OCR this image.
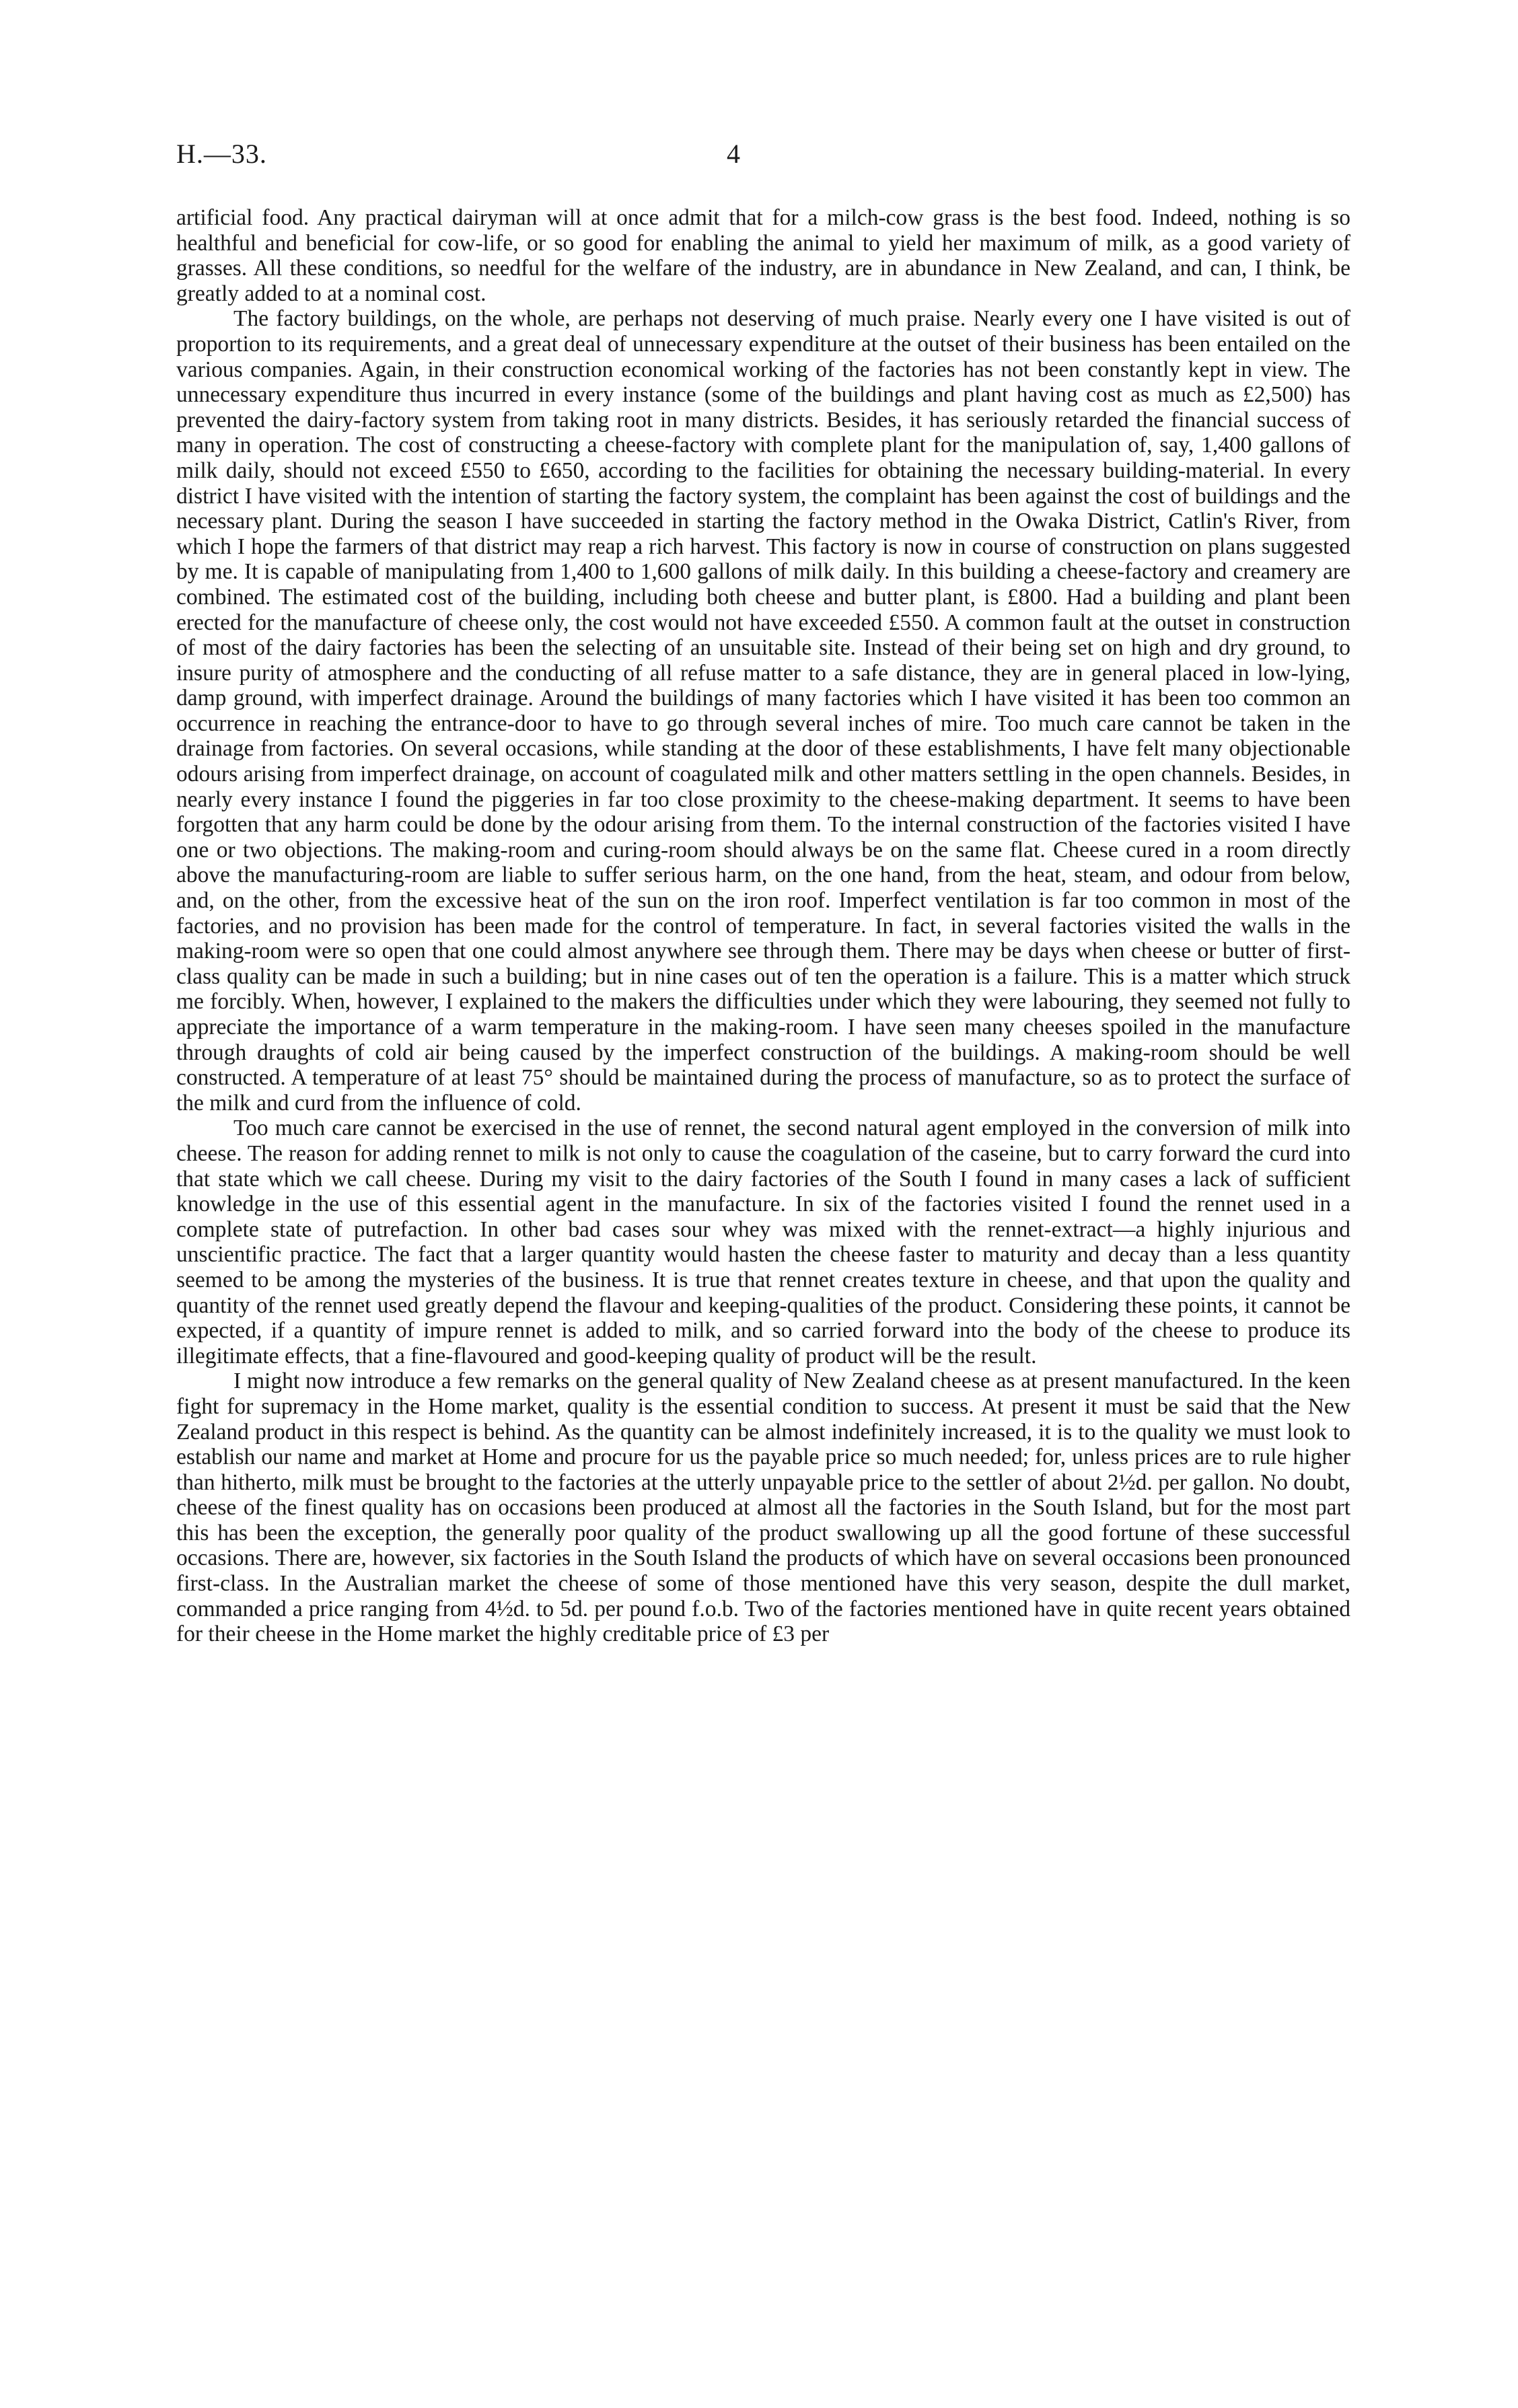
H.—33.	4

artificial food. Any practical dairyman will at once admit that for a milch-cow grass is the best food. Indeed, nothing is so healthful and beneficial for cow-life, or so good for enabling the animal to yield her maximum of milk, as a good variety of grasses. All these conditions, so needful for the welfare of the industry, are in abundance in New Zealand, and can, I think, be greatly added to at a nominal cost.

The factory buildings, on the whole, are perhaps not deserving of much praise. Nearly every one I have visited is out of proportion to its requirements, and a great deal of unnecessary expenditure at the outset of their business has been entailed on the various companies. Again, in their construction economical working of the factories has not been constantly kept in view. The unnecessary expenditure thus incurred in every instance (some of the buildings and plant having cost as much as £2,500) has prevented the dairy-factory system from taking root in many districts. Besides, it has seriously retarded the financial success of many in operation. The cost of constructing a cheese-factory with complete plant for the manipulation of, say, 1,400 gallons of milk daily, should not exceed £550 to £650, according to the facilities for obtaining the necessary building-material. In every district I have visited with the intention of starting the factory system, the complaint has been against the cost of buildings and the necessary plant. During the season I have succeeded in starting the factory method in the Owaka District, Catlin's River, from which I hope the farmers of that district may reap a rich harvest. This factory is now in course of construction on plans suggested by me. It is capable of manipulating from 1,400 to 1,600 gallons of milk daily. In this building a cheese-factory and creamery are combined. The estimated cost of the building, including both cheese and butter plant, is £800. Had a building and plant been erected for the manufacture of cheese only, the cost would not have exceeded £550. A common fault at the outset in construction of most of the dairy factories has been the selecting of an unsuitable site. Instead of their being set on high and dry ground, to insure purity of atmosphere and the conducting of all refuse matter to a safe distance, they are in general placed in low-lying, damp ground, with imperfect drainage. Around the buildings of many factories which I have visited it has been too common an occurrence in reaching the entrance-door to have to go through several inches of mire. Too much care cannot be taken in the drainage from factories. On several occasions, while standing at the door of these establishments, I have felt many objectionable odours arising from imperfect drainage, on account of coagulated milk and other matters settling in the open channels. Besides, in nearly every instance I found the piggeries in far too close proximity to the cheese-making department. It seems to have been forgotten that any harm could be done by the odour arising from them. To the internal construction of the factories visited I have one or two objections. The making-room and curing-room should always be on the same flat. Cheese cured in a room directly above the manufacturing-room are liable to suffer serious harm, on the one hand, from the heat, steam, and odour from below, and, on the other, from the excessive heat of the sun on the iron roof. Imperfect ventilation is far too common in most of the factories, and no provision has been made for the control of temperature. In fact, in several factories visited the walls in the making-room were so open that one could almost anywhere see through them. There may be days when cheese or butter of first-class quality can be made in such a building; but in nine cases out of ten the operation is a failure. This is a matter which struck me forcibly. When, however, I explained to the makers the difficulties under which they were labouring, they seemed not fully to appreciate the importance of a warm temperature in the making-room. I have seen many cheeses spoiled in the manufacture through draughts of cold air being caused by the imperfect construction of the buildings. A making-room should be well constructed. A temperature of at least 75° should be maintained during the process of manufacture, so as to protect the surface of the milk and curd from the influence of cold.

Too much care cannot be exercised in the use of rennet, the second natural agent employed in the conversion of milk into cheese. The reason for adding rennet to milk is not only to cause the coagulation of the caseine, but to carry forward the curd into that state which we call cheese. During my visit to the dairy factories of the South I found in many cases a lack of sufficient knowledge in the use of this essential agent in the manufacture. In six of the factories visited I found the rennet used in a complete state of putrefaction. In other bad cases sour whey was mixed with the rennet-extract—a highly injurious and unscientific practice. The fact that a larger quantity would hasten the cheese faster to maturity and decay than a less quantity seemed to be among the mysteries of the business. It is true that rennet creates texture in cheese, and that upon the quality and quantity of the rennet used greatly depend the flavour and keeping-qualities of the product. Considering these points, it cannot be expected, if a quantity of impure rennet is added to milk, and so carried forward into the body of the cheese to produce its illegitimate effects, that a fine-flavoured and good-keeping quality of product will be the result.

I might now introduce a few remarks on the general quality of New Zealand cheese as at present manufactured. In the keen fight for supremacy in the Home market, quality is the essential condition to success. At present it must be said that the New Zealand product in this respect is behind. As the quantity can be almost indefinitely increased, it is to the quality we must look to establish our name and market at Home and procure for us the payable price so much needed; for, unless prices are to rule higher than hitherto, milk must be brought to the factories at the utterly unpayable price to the settler of about 2½d. per gallon. No doubt, cheese of the finest quality has on occasions been produced at almost all the factories in the South Island, but for the most part this has been the exception, the generally poor quality of the product swallowing up all the good fortune of these successful occasions. There are, however, six factories in the South Island the products of which have on several occasions been pronounced first-class. In the Australian market the cheese of some of those mentioned have this very season, despite the dull market, commanded a price ranging from 4½d. to 5d. per pound f.o.b. Two of the factories mentioned have in quite recent years obtained for their cheese in the Home market the highly creditable price of £3 per
